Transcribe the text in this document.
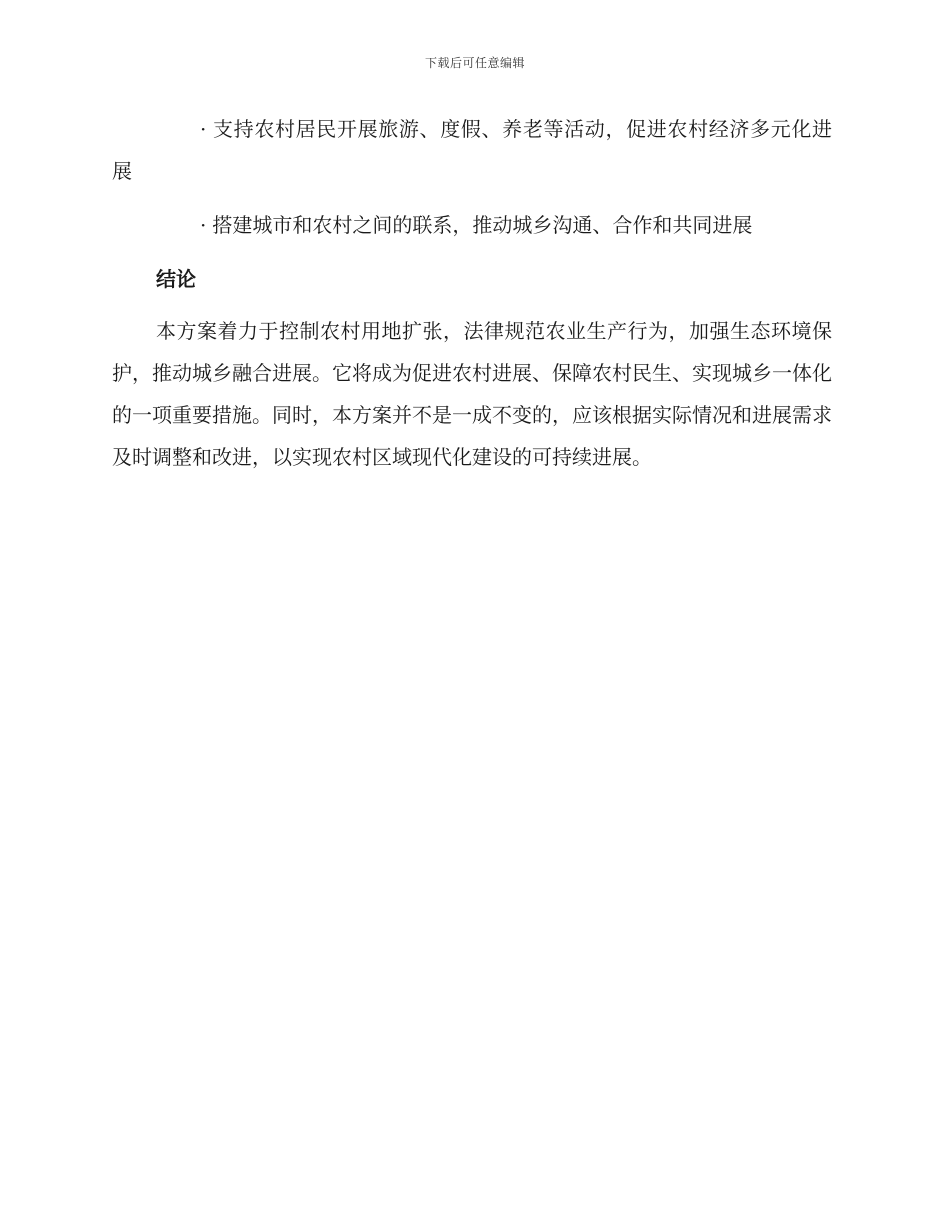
下载后可任意编辑

· 支持农村居民开展旅游、度假、养老等活动，促进农村经济多元化进展

· 搭建城市和农村之间的联系，推动城乡沟通、合作和共同进展

结论

本方案着力于控制农村用地扩张，法律规范农业生产行为，加强生态环境保护，推动城乡融合进展。它将成为促进农村进展、保障农村民生、实现城乡一体化的一项重要措施。同时，本方案并不是一成不变的，应该根据实际情况和进展需求及时调整和改进，以实现农村区域现代化建设的可持续进展。
